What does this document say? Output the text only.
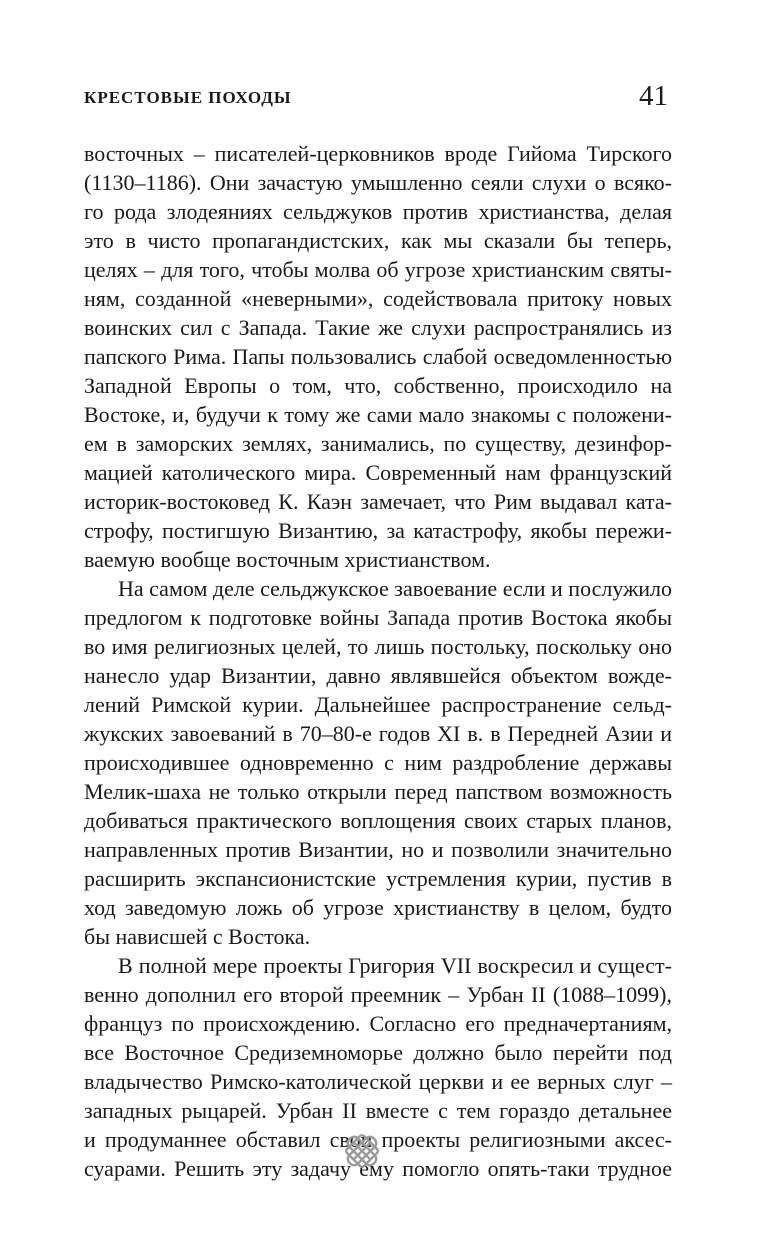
КРЕСТОВЫЕ ПОХОДЫ	41
восточных – писателей-церковников вроде Гийома Тирского
(1130–1186). Они зачастую умышленно сеяли слухи о всяко-
го рода злодеяниях сельджуков против христианства, делая
это в чисто пропагандистских, как мы сказали бы теперь,
целях – для того, чтобы молва об угрозе христианским святы-
ням, созданной «неверными», содействовала притоку новых
воинских сил с Запада. Такие же слухи распространялись из
папского Рима. Папы пользовались слабой осведомленностью
Западной Европы о том, что, собственно, происходило на
Востоке, и, будучи к тому же сами мало знакомы с положени-
ем в заморских землях, занимались, по существу, дезинфор-
мацией католического мира. Современный нам французский
историк-востоковед К. Каэн замечает, что Рим выдавал ката-
строфу, постигшую Византию, за катастрофу, якобы пережи-
ваемую вообще восточным христианством.
На самом деле сельджукское завоевание если и послужило
предлогом к подготовке войны Запада против Востока якобы
во имя религиозных целей, то лишь постольку, поскольку оно
нанесло удар Византии, давно являвшейся объектом вожде-
лений Римской курии. Дальнейшее распространение сельд-
жукских завоеваний в 70–80-е годов XI в. в Передней Азии и
происходившее одновременно с ним раздробление державы
Мелик-шаха не только открыли перед папством возможность
добиваться практического воплощения своих старых планов,
направленных против Византии, но и позволили значительно
расширить экспансионистские устремления курии, пустив в
ход заведомую ложь об угрозе христианству в целом, будто
бы нависшей с Востока.
В полной мере проекты Григория VII воскресил и сущест-
венно дополнил его второй преемник – Урбан II (1088–1099),
француз по происхождению. Согласно его предначертаниям,
все Восточное Средиземноморье должно было перейти под
владычество Римско-католической церкви и ее верных слуг –
западных рыцарей. Урбан II вместе с тем гораздо детальнее
и продуманнее обставил свои проекты религиозными аксес-
суарами. Решить эту задачу ему помогло опять-таки трудное
